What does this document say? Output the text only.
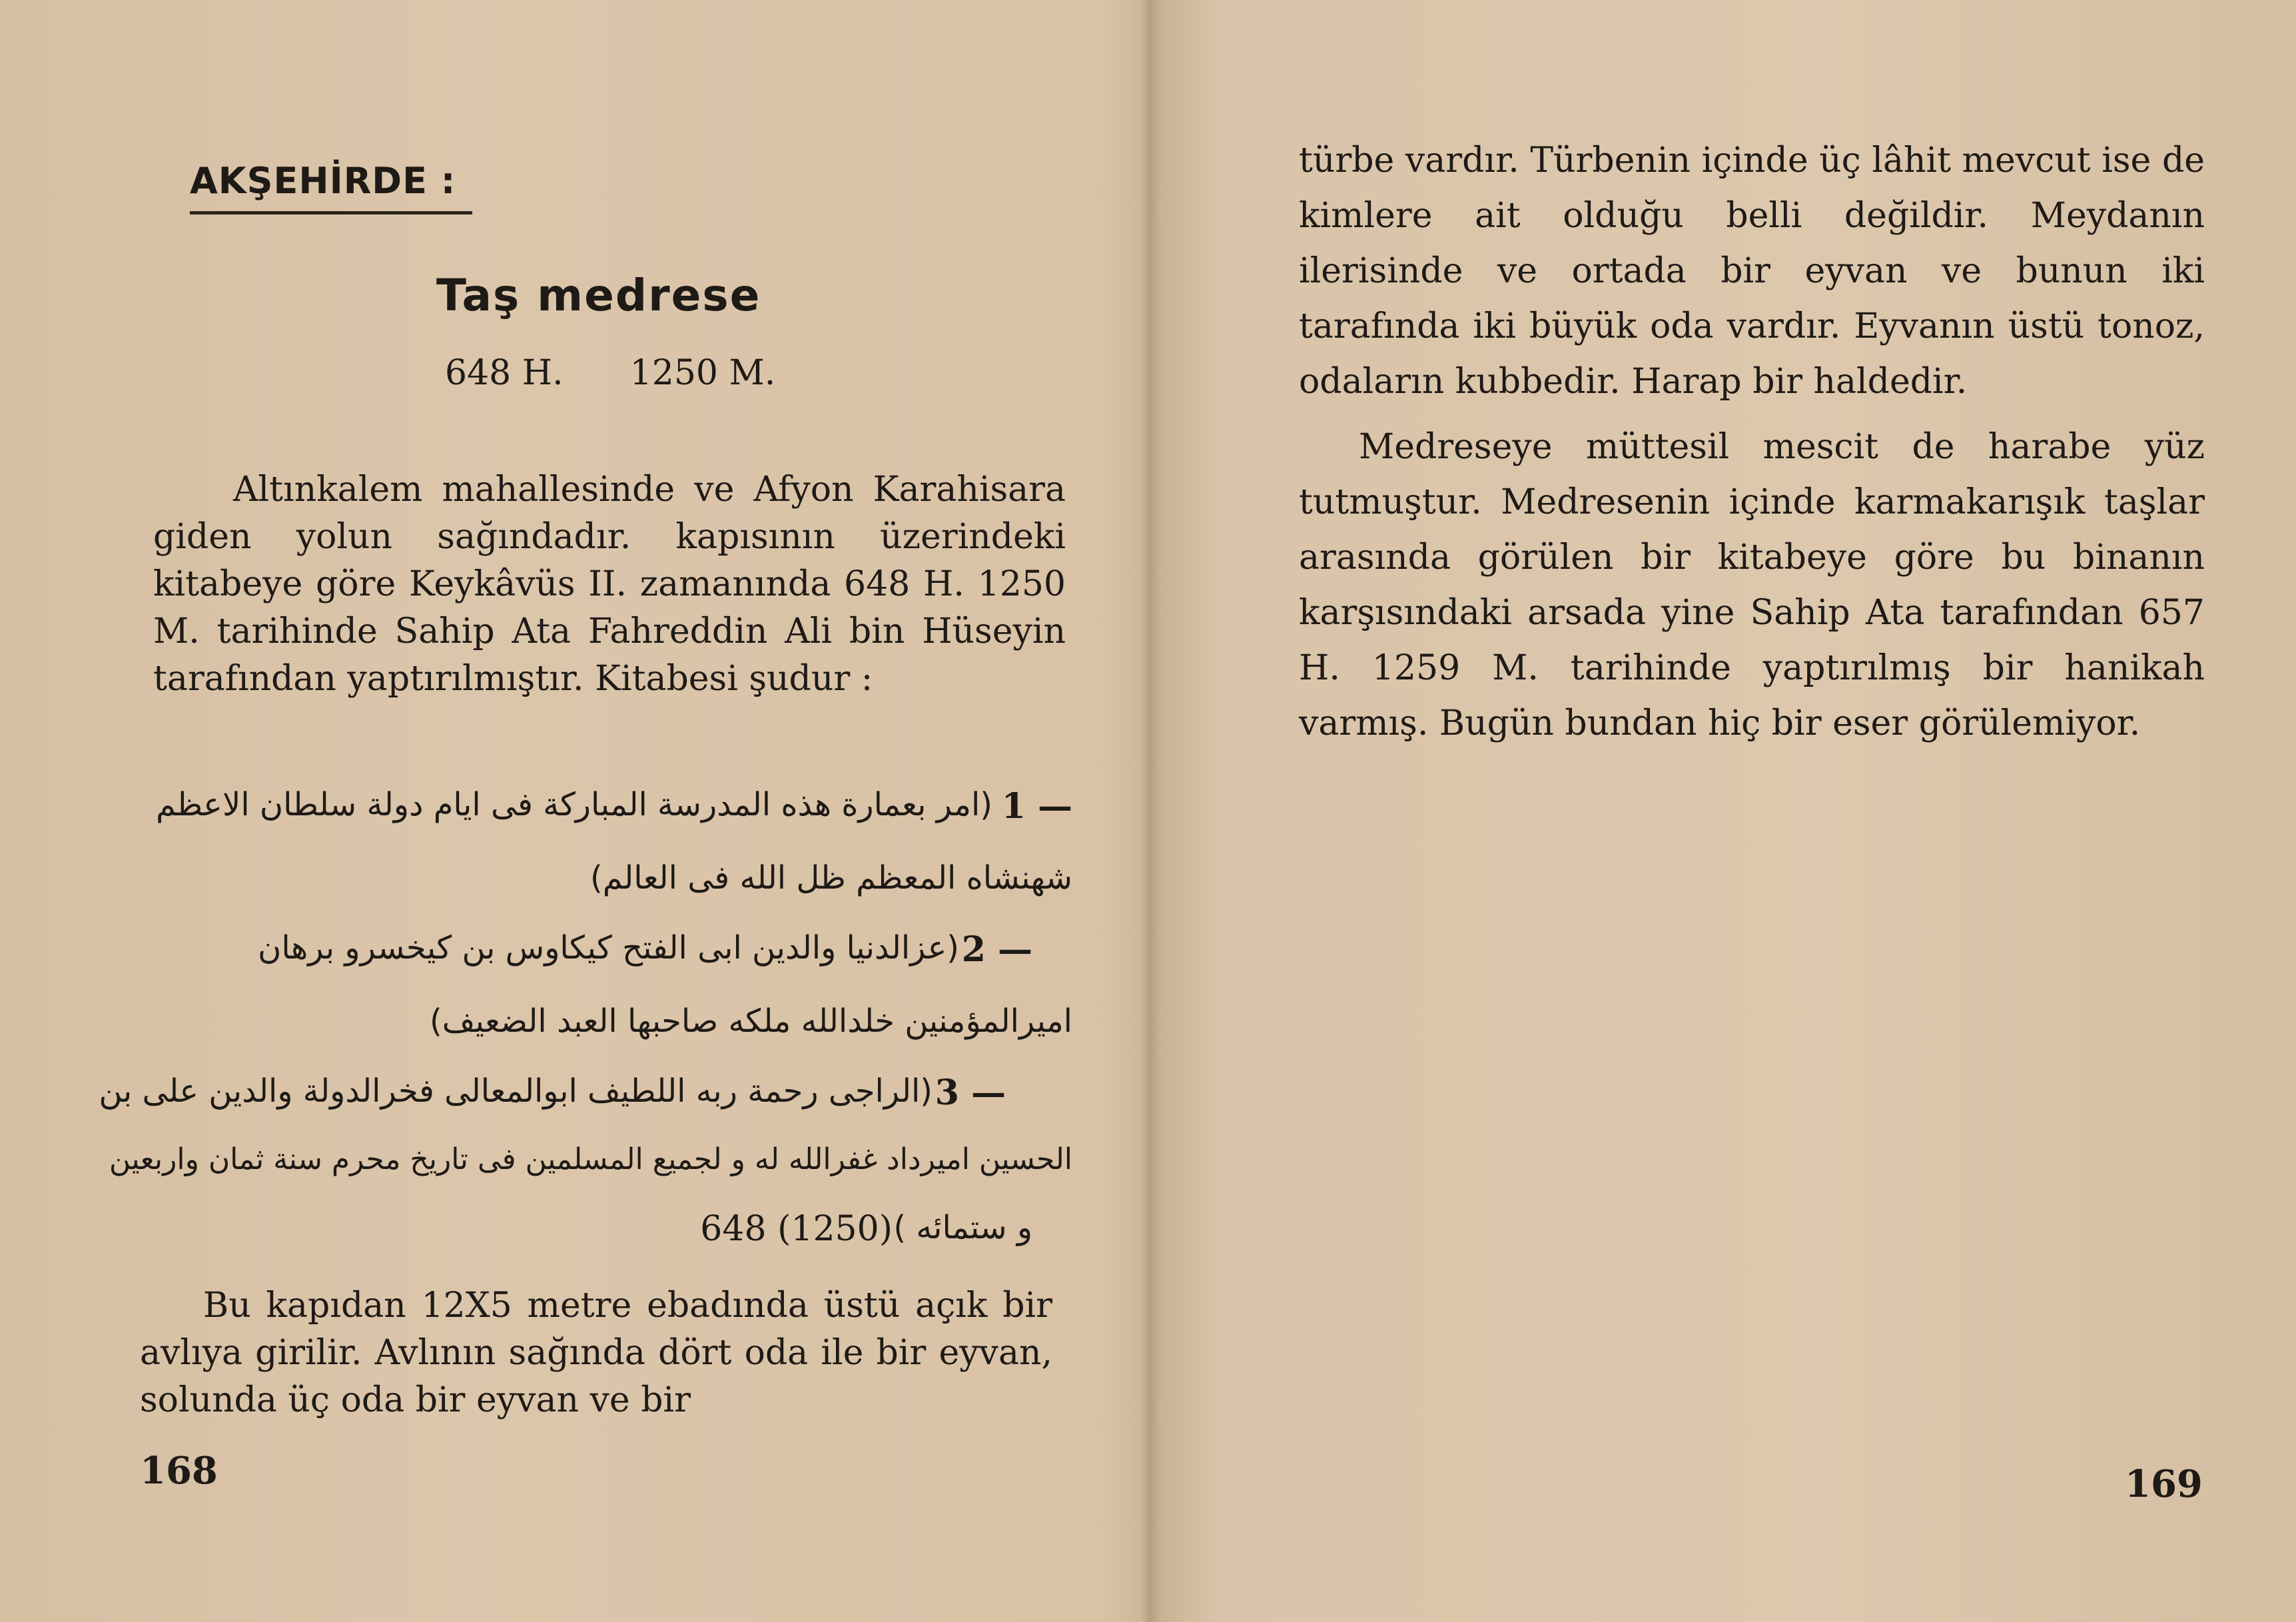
AKŞEHİRDE :
Taş medrese
648 H. 1250 M.

Altınkalem mahallesinde ve Afyon Karahisara giden yolun sağındadır. kapısının üzerindeki kitabeye göre Keykâvüs II. zamanında 648 H. 1250 M. tarihinde Sahip Ata Fahreddin Ali bin Hüseyin tarafından yaptırılmıştır. Kitabesi şudur :

1 —
(امر بعمارة هذه المدرسة المباركة فى ايام دولة سلطان الاعظم
شهنشاه المعظم ظل الله فى العالم)
2 —
(عزالدنيا والدين ابى الفتح كيكاوس بن كيخسرو برهان
اميرالمؤمنين خلدالله ملكه صاحبها العبد الضعيف)
3 —
(الراجى رحمة ربه اللطيف ابوالمعالى فخرالدولة والدين على بن
الحسين اميرداد غفرالله له و لجميع المسلمين فى تاريخ محرم سنة ثمان واربعين
و ستمائه )
648 (1250)

Bu kapıdan 12X5 metre ebadında üstü açık bir avlıya girilir. Avlının sağında dört oda ile bir eyvan, solunda üç oda bir eyvan ve bir

168

türbe vardır. Türbenin içinde üç lâhit mevcut ise de kimlere ait olduğu belli değildir. Meydanın ilerisinde ve ortada bir eyvan ve bunun iki tarafında iki büyük oda vardır. Eyvanın üstü tonoz, odaların kubbedir. Harap bir haldedir.

Medreseye müttesil mescit de harabe yüz tutmuştur. Medresenin içinde karmakarışık taşlar arasında görülen bir kitabeye göre bu binanın karşısındaki arsada yine Sahip Ata tarafından 657 H. 1259 M. tarihinde yaptırılmış bir hanikah varmış. Bugün bundan hiç bir eser görülemiyor.

169
